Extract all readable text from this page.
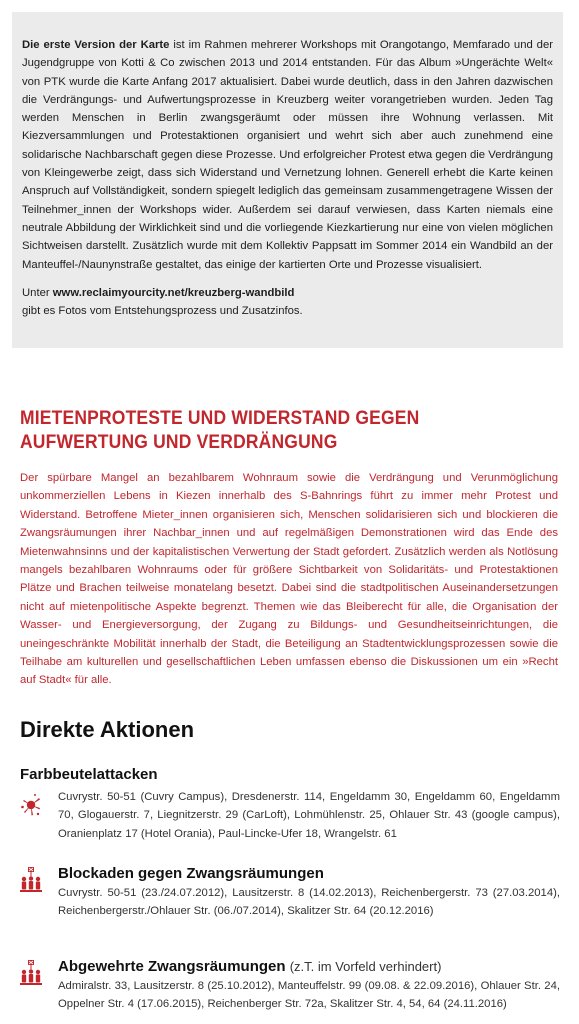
Die erste Version der Karte ist im Rahmen mehrerer Workshops mit Orangotango, Memfarado und der Jugendgruppe von Kotti & Co zwischen 2013 und 2014 entstanden. Für das Album »Ungerächte Welt« von PTK wurde die Karte Anfang 2017 aktualisiert. Dabei wurde deutlich, dass in den Jahren dazwischen die Verdrängungs- und Aufwertungsprozesse in Kreuzberg weiter vorangetrieben wurden. Jeden Tag werden Menschen in Berlin zwangsgeräumt oder müssen ihre Wohnung verlassen. Mit Kiezversammlungen und Protestaktionen organisiert und wehrt sich aber auch zunehmend eine solidarische Nachbarschaft gegen diese Prozesse. Und erfolgreicher Protest etwa gegen die Verdrängung von Kleingewerbe zeigt, dass sich Widerstand und Vernetzung lohnen. Generell erhebt die Karte keinen Anspruch auf Vollständigkeit, sondern spiegelt lediglich das gemeinsam zusammengetragene Wissen der Teilnehmer_innen der Workshops wider. Außerdem sei darauf verwiesen, dass Karten niemals eine neutrale Abbildung der Wirklichkeit sind und die vorliegende Kiezkartierung nur eine von vielen möglichen Sichtweisen darstellt. Zusätzlich wurde mit dem Kollektiv Pappsatt im Sommer 2014 ein Wandbild an der Manteuffel-/Naunynstraße gestaltet, das einige der kartierten Orte und Prozesse visualisiert.

Unter www.reclaimyourcity.net/kreuzberg-wandbild
gibt es Fotos vom Entstehungsprozess und Zusatzinfos.

MIETENPROTESTE UND WIDERSTAND GEGEN
AUFWERTUNG UND VERDRÄNGUNG

Der spürbare Mangel an bezahlbarem Wohnraum sowie die Verdrängung und Verunmöglichung unkommerziellen Lebens in Kiezen innerhalb des S-Bahnrings führt zu immer mehr Protest und Widerstand. Betroffene Mieter_innen organisieren sich, Menschen solidarisieren sich und blockieren die Zwangsräumungen ihrer Nachbar_innen und auf regelmäßigen Demonstrationen wird das Ende des Mietenwahnsinns und der kapitalistischen Verwertung der Stadt gefordert. Zusätzlich werden als Notlösung mangels bezahlbaren Wohnraums oder für größere Sichtbarkeit von Solidaritäts- und Protestaktionen Plätze und Brachen teilweise monatelang besetzt. Dabei sind die stadtpolitischen Auseinandersetzungen nicht auf mietenpolitische Aspekte begrenzt. Themen wie das Bleiberecht für alle, die Organisation der Wasser- und Energieversorgung, der Zugang zu Bildungs- und Gesundheitseinrichtungen, die uneingeschränkte Mobilität innerhalb der Stadt, die Beteiligung an Stadtentwicklungsprozessen sowie die Teilhabe am kulturellen und gesellschaftlichen Leben umfassen ebenso die Diskussionen um ein »Recht auf Stadt« für alle.

Direkte Aktionen
Farbbeutelattacken
Cuvrystr. 50-51 (Cuvry Campus), Dresdenerstr. 114, Engeldamm 30, Engeldamm 60, Engeldamm 70, Glogauerstr. 7, Liegnitzerstr. 29 (CarLoft), Lohmühlenstr. 25, Ohlauer Str. 43 (google campus), Oranienplatz 17 (Hotel Orania), Paul-Lincke-Ufer 18, Wrangelstr. 61
Blockaden gegen Zwangsräumungen
Cuvrystr. 50-51 (23./24.07.2012), Lausitzerstr. 8 (14.02.2013), Reichenbergerstr. 73 (27.03.2014), Reichenbergerstr./Ohlauer Str. (06./07.2014), Skalitzer Str. 64 (20.12.2016)
Abgewehrte Zwangsräumungen (z.T. im Vorfeld verhindert)
Admiralstr. 33, Lausitzerstr. 8 (25.10.2012), Manteuffelstr. 99 (09.08. & 22.09.2016), Ohlauer Str. 24, Oppelner Str. 4 (17.06.2015), Reichenberger Str. 72a, Skalitzer Str. 4, 54, 64 (24.11.2016)
